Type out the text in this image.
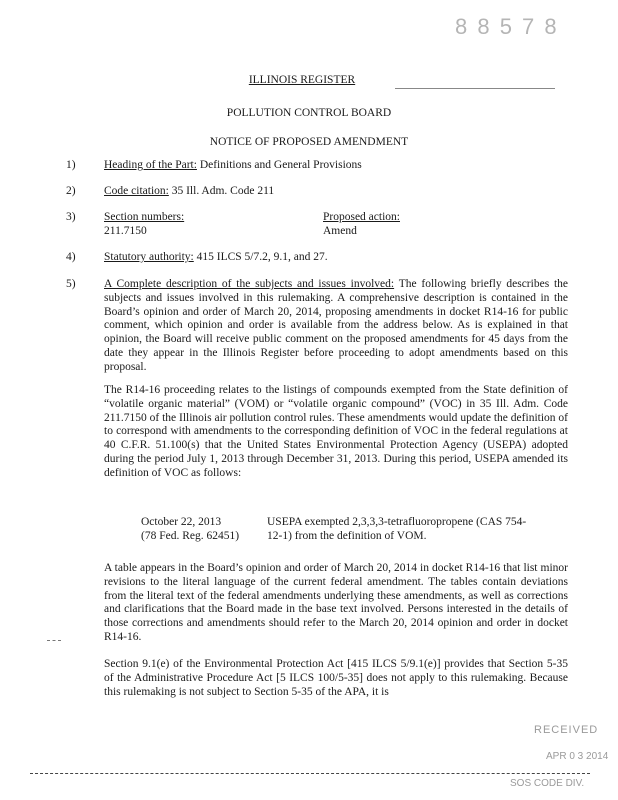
8 8 5 7 8
ILLINOIS REGISTER
POLLUTION CONTROL BOARD
NOTICE OF PROPOSED AMENDMENT
1) Heading of the Part: Definitions and General Provisions
2) Code citation: 35 Ill. Adm. Code 211
3) Section numbers:
211.7150
Proposed action:
Amend
4) Statutory authority: 415 ILCS 5/7.2, 9.1, and 27.
5) A Complete description of the subjects and issues involved: The following briefly describes the subjects and issues involved in this rulemaking. A comprehensive description is contained in the Board’s opinion and order of March 20, 2014, proposing amendments in docket R14-16 for public comment, which opinion and order is available from the address below. As is explained in that opinion, the Board will receive public comment on the proposed amendments for 45 days from the date they appear in the Illinois Register before proceeding to adopt amendments based on this proposal.

The R14-16 proceeding relates to the listings of compounds exempted from the State definition of “volatile organic material” (VOM) or “volatile organic compound” (VOC) in 35 Ill. Adm. Code 211.7150 of the Illinois air pollution control rules. These amendments would update the definition of to correspond with amendments to the corresponding definition of VOC in the federal regulations at 40 C.F.R. 51.100(s) that the United States Environmental Protection Agency (USEPA) adopted during the period July 1, 2013 through December 31, 2013. During this period, USEPA amended its definition of VOC as follows:
October 22, 2013
(78 Fed. Reg. 62451)
USEPA exempted 2,3,3,3-tetrafluoropropene (CAS 754-12-1) from the definition of VOM.
A table appears in the Board’s opinion and order of March 20, 2014 in docket R14-16 that list minor revisions to the literal language of the current federal amendment. The tables contain deviations from the literal text of the federal amendments underlying these amendments, as well as corrections and clarifications that the Board made in the base text involved. Persons interested in the details of those corrections and amendments should refer to the March 20, 2014 opinion and order in docket R14-16.
Section 9.1(e) of the Environmental Protection Act [415 ILCS 5/9.1(e)] provides that Section 5-35 of the Administrative Procedure Act [5 ILCS 100/5-35] does not apply to this rulemaking. Because this rulemaking is not subject to Section 5-35 of the APA, it is
RECEIVED
APR 0 3 2014
SOS CODE DIV.
